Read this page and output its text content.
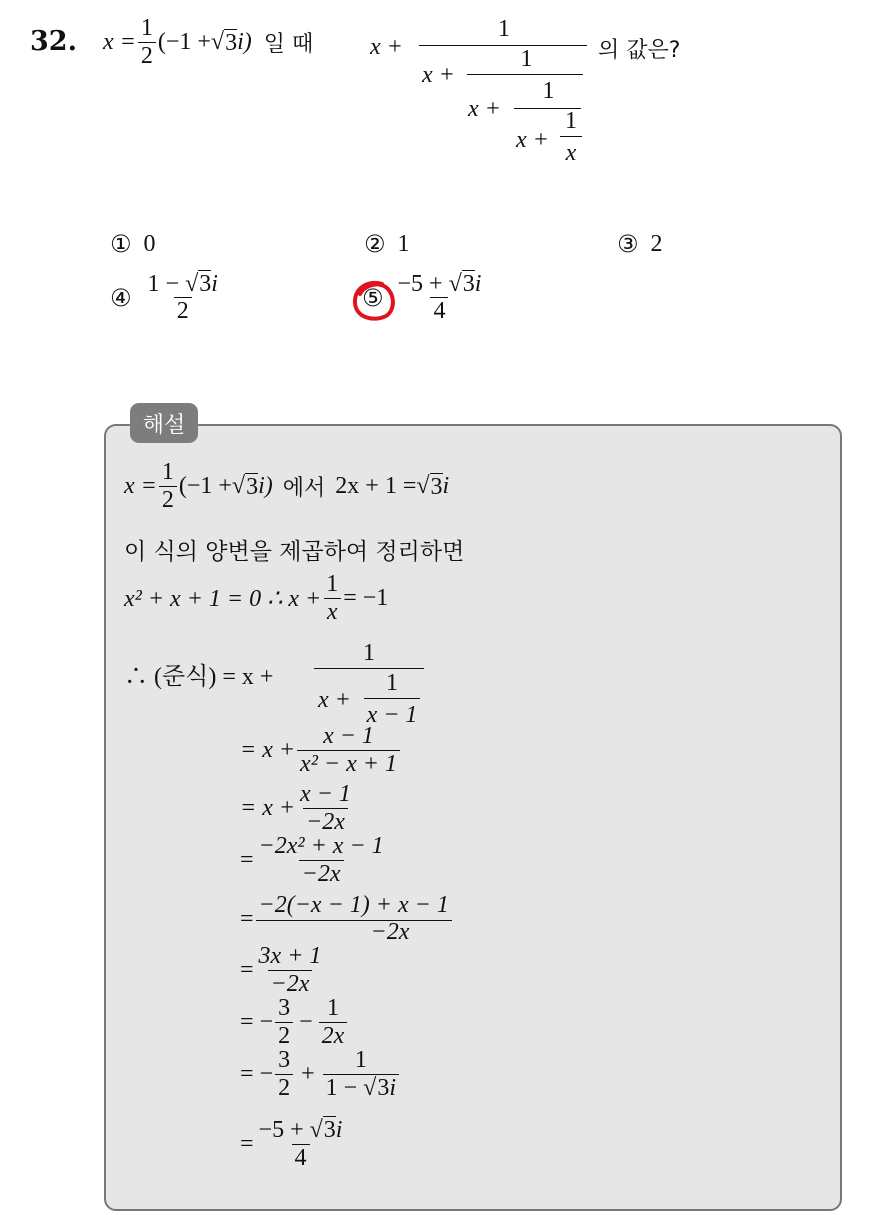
32. $x = \frac{1}{2} (-1$ + √ 3 i) 일 때 x +
1
x +
1
x +
1
x +
1
x
의 값은?
① 0	② 1	③ 2
④ $\frac{1 - √3i}{2}$	⑤ $\frac{-5 + √3i}{4}$
해설
$x = \frac{1}{2} (-1$ + √ 3 i) 에서 2x + 1 = √ 3 i
이 식의 양변을 제곱하여 정리하면
x² + x + 1 = 0 ∴ $x + \frac{1}{x} = -1$
∴ (준식) = x +
1
x +
1
x − 1
= $x + \frac{x - 1}{\text{x² − x + 1}}$
= $x + \frac{x - 1}{-2x}$
= $\frac{\text{−2x² + x − 1}}{-2x}$
=
−2(−x − 1) + x − 1
−2x
= $\frac{3x + 1}{-2x}$
= − $\frac{3}{2} - \frac{1}{2x}$
= − $\frac{3}{2} + \frac{1}{1 - √3i}$
= $\frac{-5 + √3i}{4}$
